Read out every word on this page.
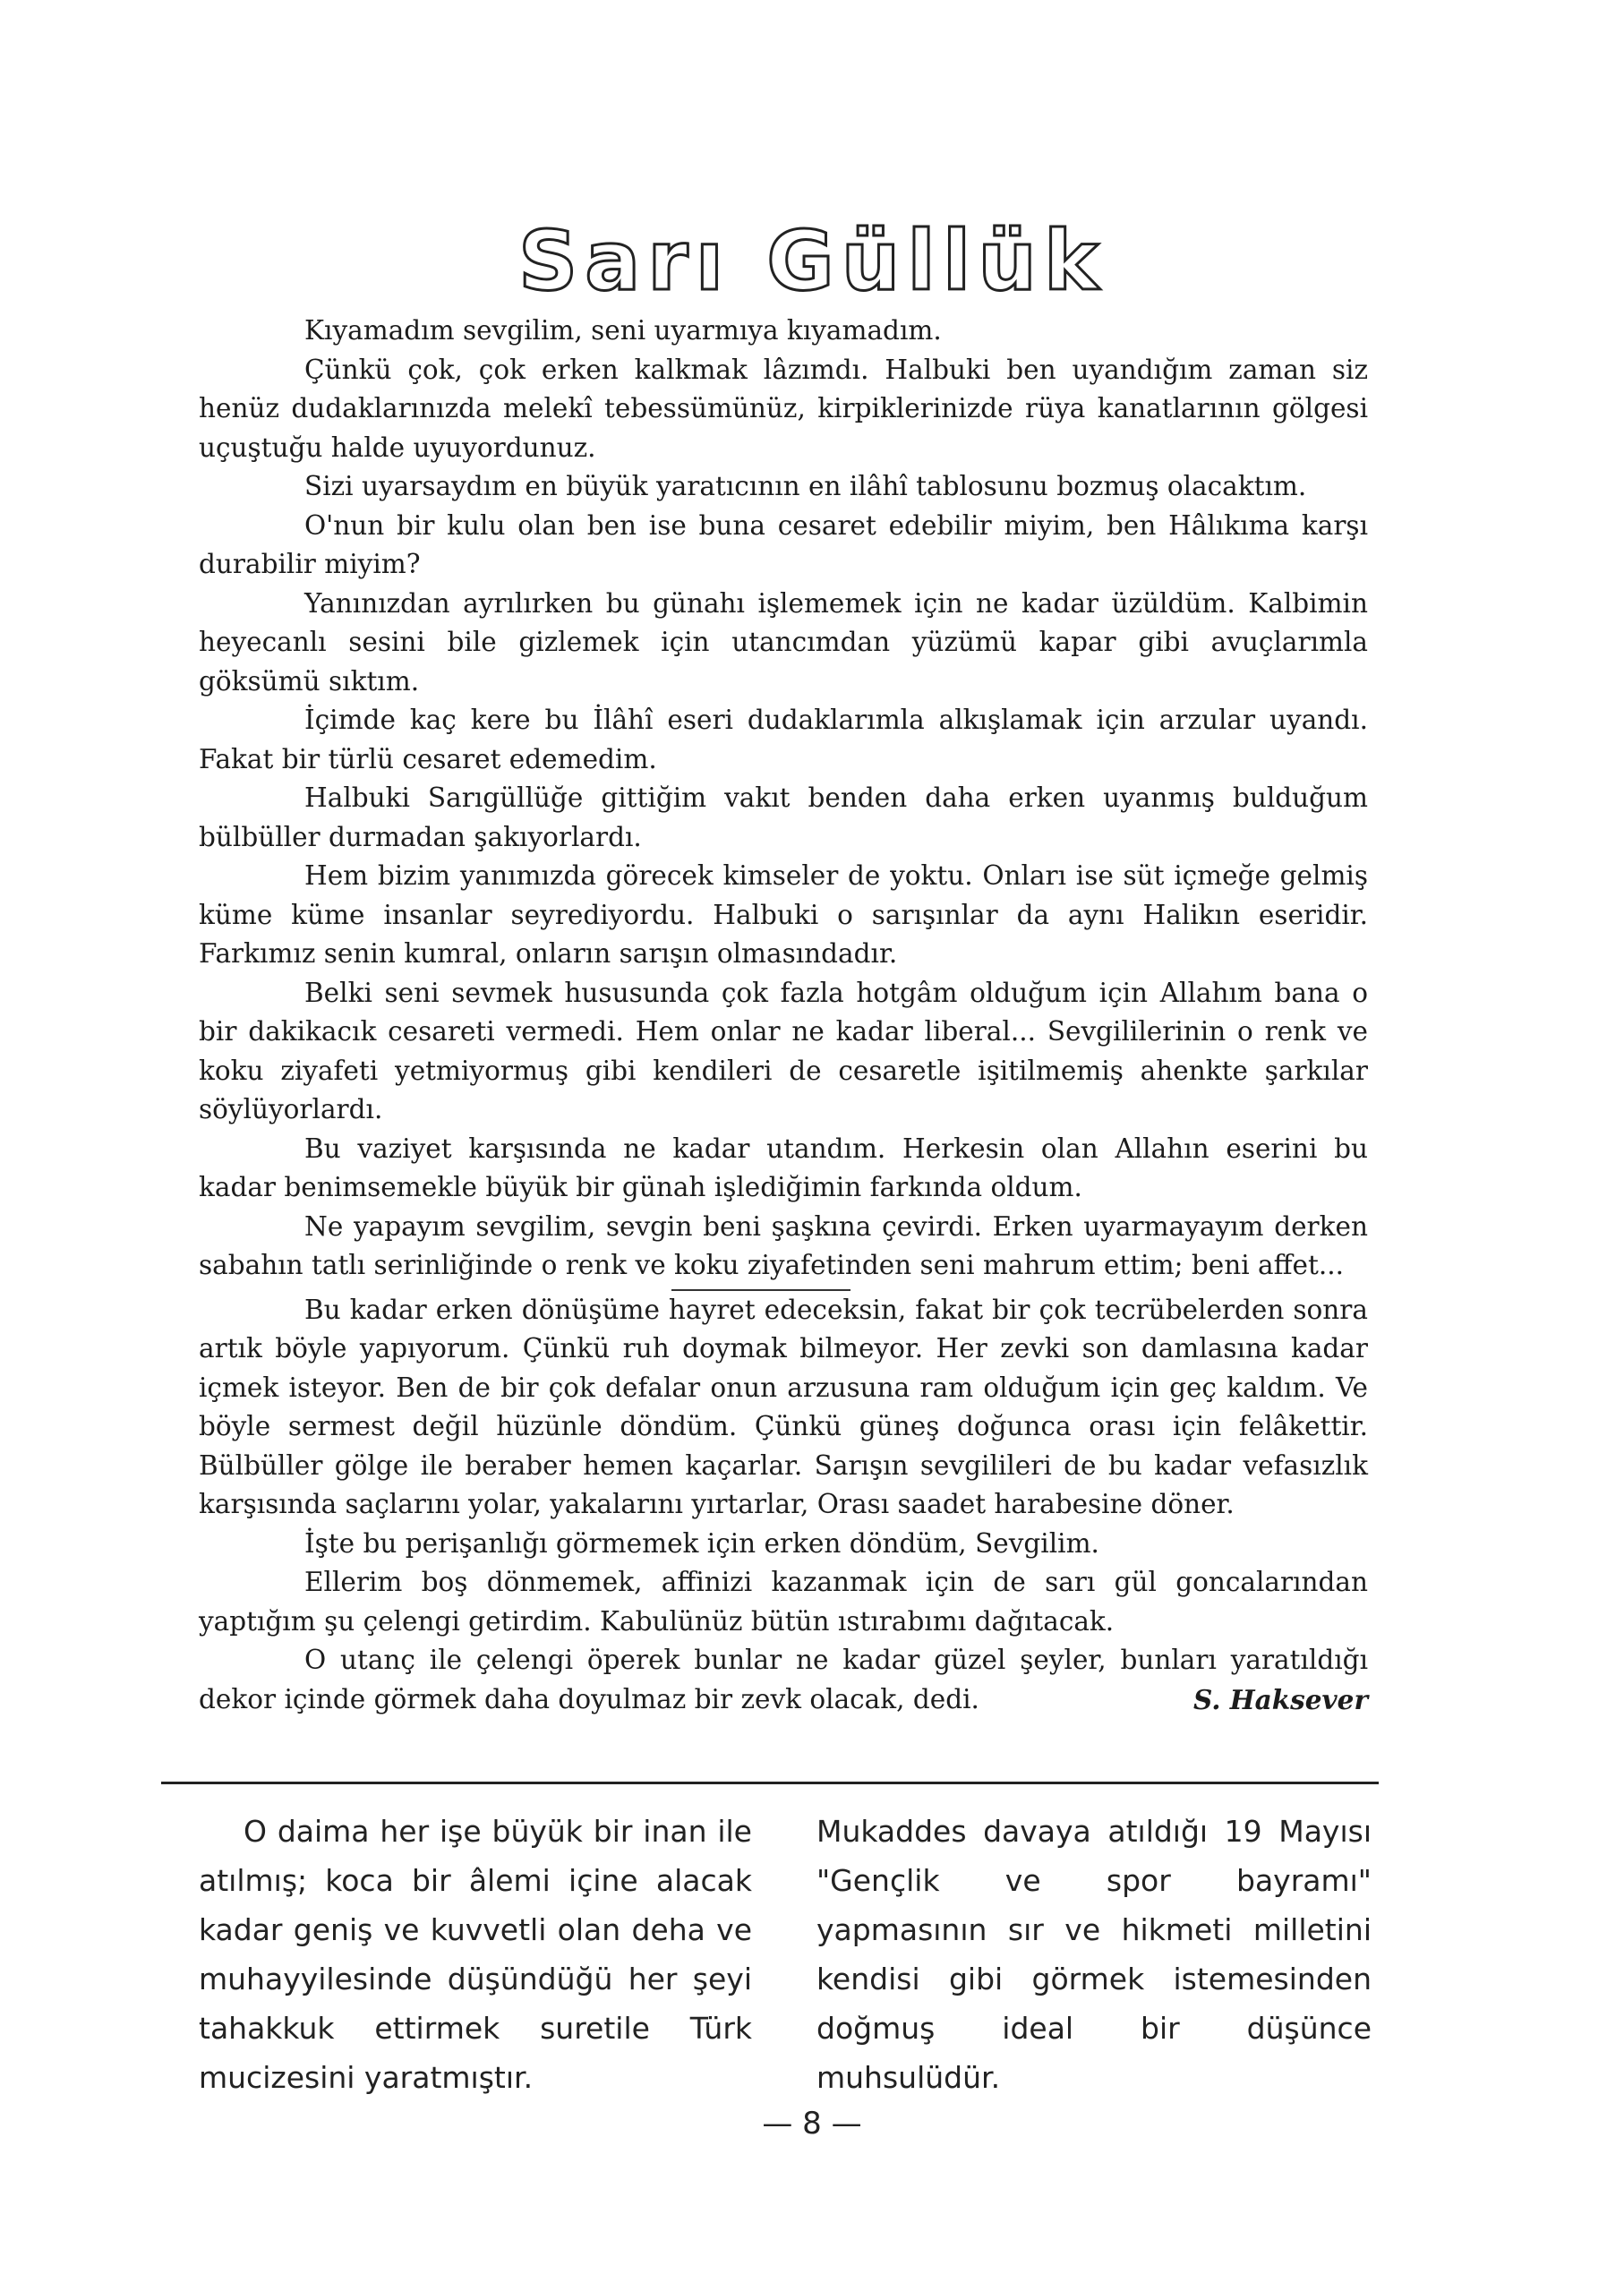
Sarı Güllük

Kıyamadım sevgilim, seni uyarmıya kıyamadım.

Çünkü çok, çok erken kalkmak lâzımdı. Halbuki ben uyandığım zaman siz henüz dudaklarınızda melekî tebessümünüz, kirpiklerinizde rüya kanatlarının gölgesi uçuştuğu halde uyuyordunuz.

Sizi uyarsaydım en büyük yaratıcının en ilâhî tablosunu bozmuş olacaktım.

O'nun bir kulu olan ben ise buna cesaret edebilir miyim, ben Hâlıkıma karşı durabilir miyim?

Yanınızdan ayrılırken bu günahı işlememek için ne kadar üzüldüm. Kalbimin heyecanlı sesini bile gizlemek için utancımdan yüzümü kapar gibi avuçlarımla göksümü sıktım.

İçimde kaç kere bu İlâhî eseri dudaklarımla alkışlamak için arzular uyandı. Fakat bir türlü cesaret edemedim.

Halbuki Sarıgüllüğe gittiğim vakıt benden daha erken uyanmış bulduğum bülbüller durmadan şakıyorlardı.

Hem bizim yanımızda görecek kimseler de yoktu. Onları ise süt içmeğe gelmiş küme küme insanlar seyrediyordu. Halbuki o sarışınlar da aynı Halikın eseridir. Farkımız senin kumral, onların sarışın olmasındadır.

Belki seni sevmek hususunda çok fazla hotgâm olduğum için Allahım bana o bir dakikacık cesareti vermedi. Hem onlar ne kadar liberal... Sevgililerinin o renk ve koku ziyafeti yetmiyormuş gibi kendileri de cesaretle işitilmemiş ahenkte şarkılar söylüyorlardı.

Bu vaziyet karşısında ne kadar utandım. Herkesin olan Allahın eserini bu kadar benimsemekle büyük bir günah işlediğimin farkında oldum.

Ne yapayım sevgilim, sevgin beni şaşkına çevirdi. Erken uyarmayayım derken sabahın tatlı serinliğinde o renk ve koku ziyafetinden seni mahrum ettim; beni affet...

Bu kadar erken dönüşüme hayret edeceksin, fakat bir çok tecrübelerden sonra artık böyle yapıyorum. Çünkü ruh doymak bilmeyor. Her zevki son damlasına kadar içmek isteyor. Ben de bir çok defalar onun arzusuna ram olduğum için geç kaldım. Ve böyle sermest değil hüzünle döndüm. Çünkü güneş doğunca orası için felâkettir. Bülbüller gölge ile beraber hemen kaçarlar. Sarışın sevgilileri de bu kadar vefasızlık karşısında saçlarını yolar, yakalarını yırtarlar, Orası saadet harabesine döner.

İşte bu perişanlığı görmemek için erken döndüm, Sevgilim.

Ellerim boş dönmemek, affinizi kazanmak için de sarı gül goncalarından yaptığım şu çelengi getirdim. Kabulünüz bütün ıstırabımı dağıtacak.

O utanç ile çelengi öperek bunlar ne kadar güzel şeyler, bunları yaratıldığı dekor içinde görmek daha doyulmaz bir zevk olacak, dedi.	S. Haksever

O daima her işe büyük bir inan ile atılmış; koca bir âlemi içine alacak kadar geniş ve kuvvetli olan deha ve muhayyilesinde düşündüğü her şeyi tahakkuk ettirmek suretile Türk mucizesini yaratmıştır.

Mukaddes davaya atıldığı 19 Mayısı "Gençlik ve spor bayramı" yapmasının sır ve hikmeti milletini kendisi gibi görmek istemesinden doğmuş ideal bir düşünce muhsulüdür.

— 8 —
